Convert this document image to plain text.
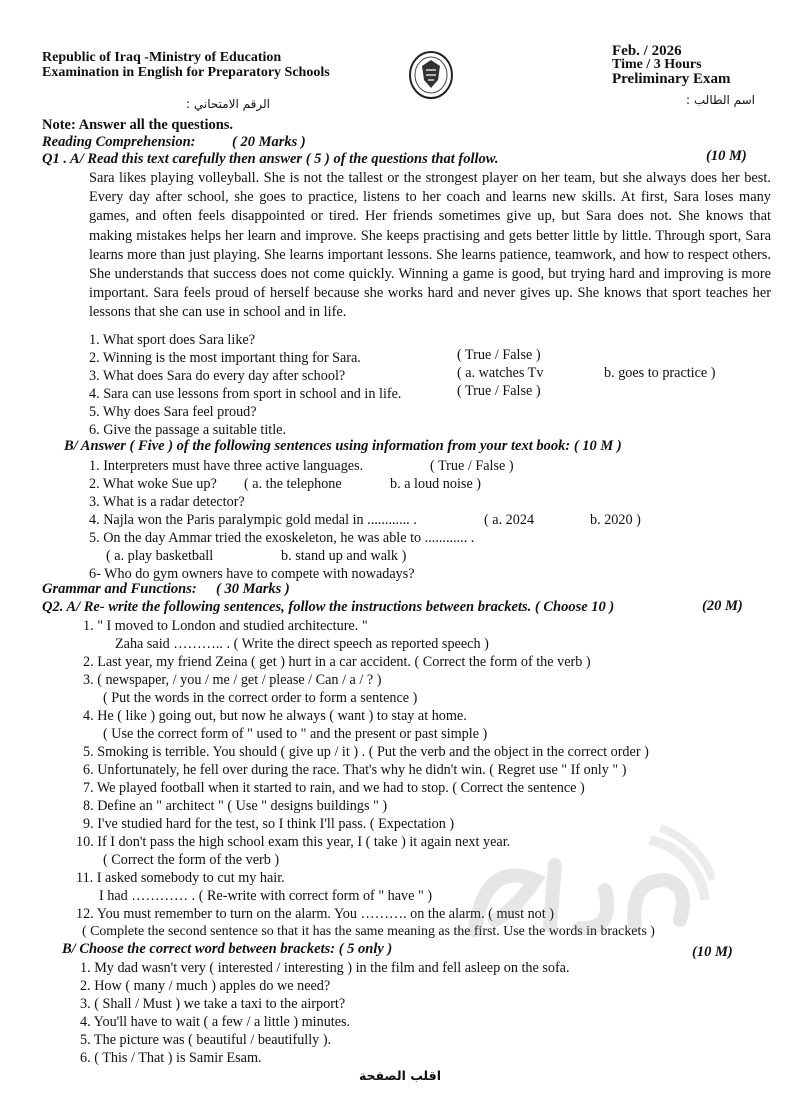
Republic of Iraq -Ministry of Education
Examination in English for Preparatory Schools
Feb. / 2026
Time / 3 Hours
Preliminary Exam
اسم الطالب :
الرقم الامتحاني :
Note: Answer all the questions.
Reading Comprehension:	( 20 Marks )
Q1 . A/ Read this text carefully then answer ( 5 ) of the questions that follow.	(10 M)
Sara likes playing volleyball. She is not the tallest or the strongest player on her team, but she always does her best. Every day after school, she goes to practice, listens to her coach and learns new skills. At first, Sara loses many games, and often feels disappointed or tired. Her friends sometimes give up, but Sara does not. She knows that making mistakes helps her learn and improve. She keeps practising and gets better little by little. Through sport, Sara learns more than just playing. She learns important lessons. She learns patience, teamwork, and how to respect others. She understands that success does not come quickly. Winning a game is good, but trying hard and improving is more important. Sara feels proud of herself because she works hard and never gives up. She knows that sport teaches her lessons that she can use in school and in life.
1. What sport does Sara like?
2. Winning is the most important thing for Sara.	( True / False )
3. What does Sara do every day after school?	( a. watches Tv	b. goes to practice )
4. Sara can use lessons from sport in school and in life.	( True / False )
5. Why does Sara feel proud?
6. Give the passage a suitable title.
B/ Answer ( Five ) of the following sentences using information from your text book: ( 10 M )
1. Interpreters must have three active languages.	( True / False )
2. What woke Sue up? ( a. the telephone	b. a loud noise )
3. What is a radar detector?
4. Najla won the Paris paralympic gold medal in ............ .	( a. 2024	b. 2020 )
5. On the day Ammar tried the exoskeleton, he was able to ............ .
( a. play basketball	b. stand up and walk )
6- Who do gym owners have to compete with nowadays?
Grammar and Functions: ( 30 Marks )
Q2. A/ Re- write the following sentences, follow the instructions between brackets. ( Choose 10 )	(20 M)
1. " I moved to London and studied architecture. "
Zaha said ……….. . ( Write the direct speech as reported speech )
2. Last year, my friend Zeina ( get ) hurt in a car accident. ( Correct the form of the verb )
3. ( newspaper, / you / me / get / please / Can / a / ? )
( Put the words in the correct order to form a sentence )
4. He ( like ) going out, but now he always ( want ) to stay at home.
( Use the correct form of " used to " and the present or past simple )
5. Smoking is terrible. You should ( give up / it ) . ( Put the verb and the object in the correct order )
6. Unfortunately, he fell over during the race. That's why he didn't win. ( Regret use " If only " )
7. We played football when it started to rain, and we had to stop. ( Correct the sentence )
8. Define an " architect " ( Use " designs buildings " )
9. I've studied hard for the test, so I think I'll pass. ( Expectation )
10. If I don't pass the high school exam this year, I ( take ) it again next year.
( Correct the form of the verb )
11. I asked somebody to cut my hair.
I had ………… . ( Re-write with correct form of " have " )
12. You must remember to turn on the alarm. You ………. on the alarm. ( must not )
( Complete the second sentence so that it has the same meaning as the first. Use the words in brackets )
B/ Choose the correct word between brackets: ( 5 only )	(10 M)
1. My dad wasn't very ( interested / interesting ) in the film and fell asleep on the sofa.
2. How ( many / much ) apples do we need?
3. ( Shall / Must ) we take a taxi to the airport?
4. You'll have to wait ( a few / a little ) minutes.
5. The picture was ( beautiful / beautifully ).
6. ( This / That ) is Samir Esam.
اقلب الصفحة
